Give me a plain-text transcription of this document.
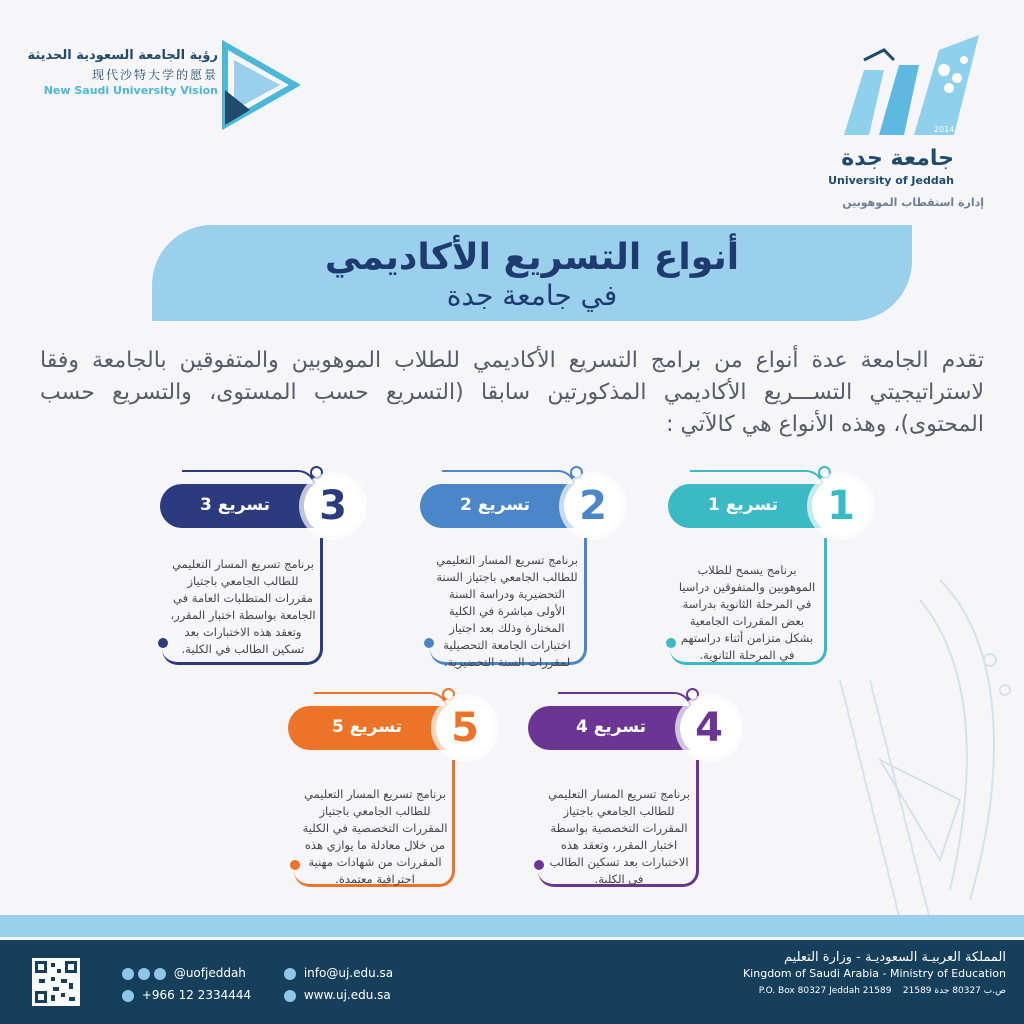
رؤية الجامعة السعودية الحديثة
现代沙特大学的愿景
New Saudi University Vision
2014
جامعة جدة
University of Jeddah
إدارة استقطاب الموهوبين
أنواع التسريع الأكاديمي
في جامعة جدة
تقدم الجامعة عدة أنواع من برامج التسريع الأكاديمي للطلاب الموهوبين والمتفوقين بالجامعة وفقا لاستراتيجيتي التســـريع الأكاديمي المذكورتين سابقا (التسريع حسب المستوى، والتسريع حسب المحتوى)، وهذه الأنواع هي كالآتي :
تسريع 1	1
برنامج يسمح للطلاب الموهوبين والمتفوقين دراسيا في المرحلة الثانوية بدراسة بعض المقررات الجامعية بشكل متزامن أثناء دراستهم في المرحلة الثانوية.
تسريع 2	2
برنامج تسريع المسار التعليمي للطالب الجامعي باجتياز السنة التحضيرية ودراسة السنة الأولى مباشرة في الكلية المختارة وذلك بعد اجتياز اختبارات الجامعة التحصيلية لمقررات السنة التحضيرية.
تسريع 3	3
برنامج تسريع المسار التعليمي للطالب الجامعي باجتياز مقررات المتطلبات العامة في الجامعة بواسطة اختبار المقرر، وتعقد هذه الاختبارات بعد تسكين الطالب في الكلية.
تسريع 4	4
برنامج تسريع المسار التعليمي للطالب الجامعي باجتياز المقررات التخصصية بواسطة اختبار المقرر، وتعقد هذه الاختبارات بعد تسكين الطالب في الكلية.
تسريع 5	5
برنامج تسريع المسار التعليمي للطالب الجامعي باجتياز المقررات التخصصية في الكلية من خلال معادلة ما يوازي هذه المقررات من شهادات مهنية احترافية معتمدة.
@uofjeddah
+966 12 2334444
info@uj.edu.sa
www.uj.edu.sa
المملكة العربيـة السعوديـة - وزارة التعليم
Kingdom of Saudi Arabia - Ministry of Education
P.O. Box 80327 Jeddah 21589 ص.ب 80327 جدة 21589
